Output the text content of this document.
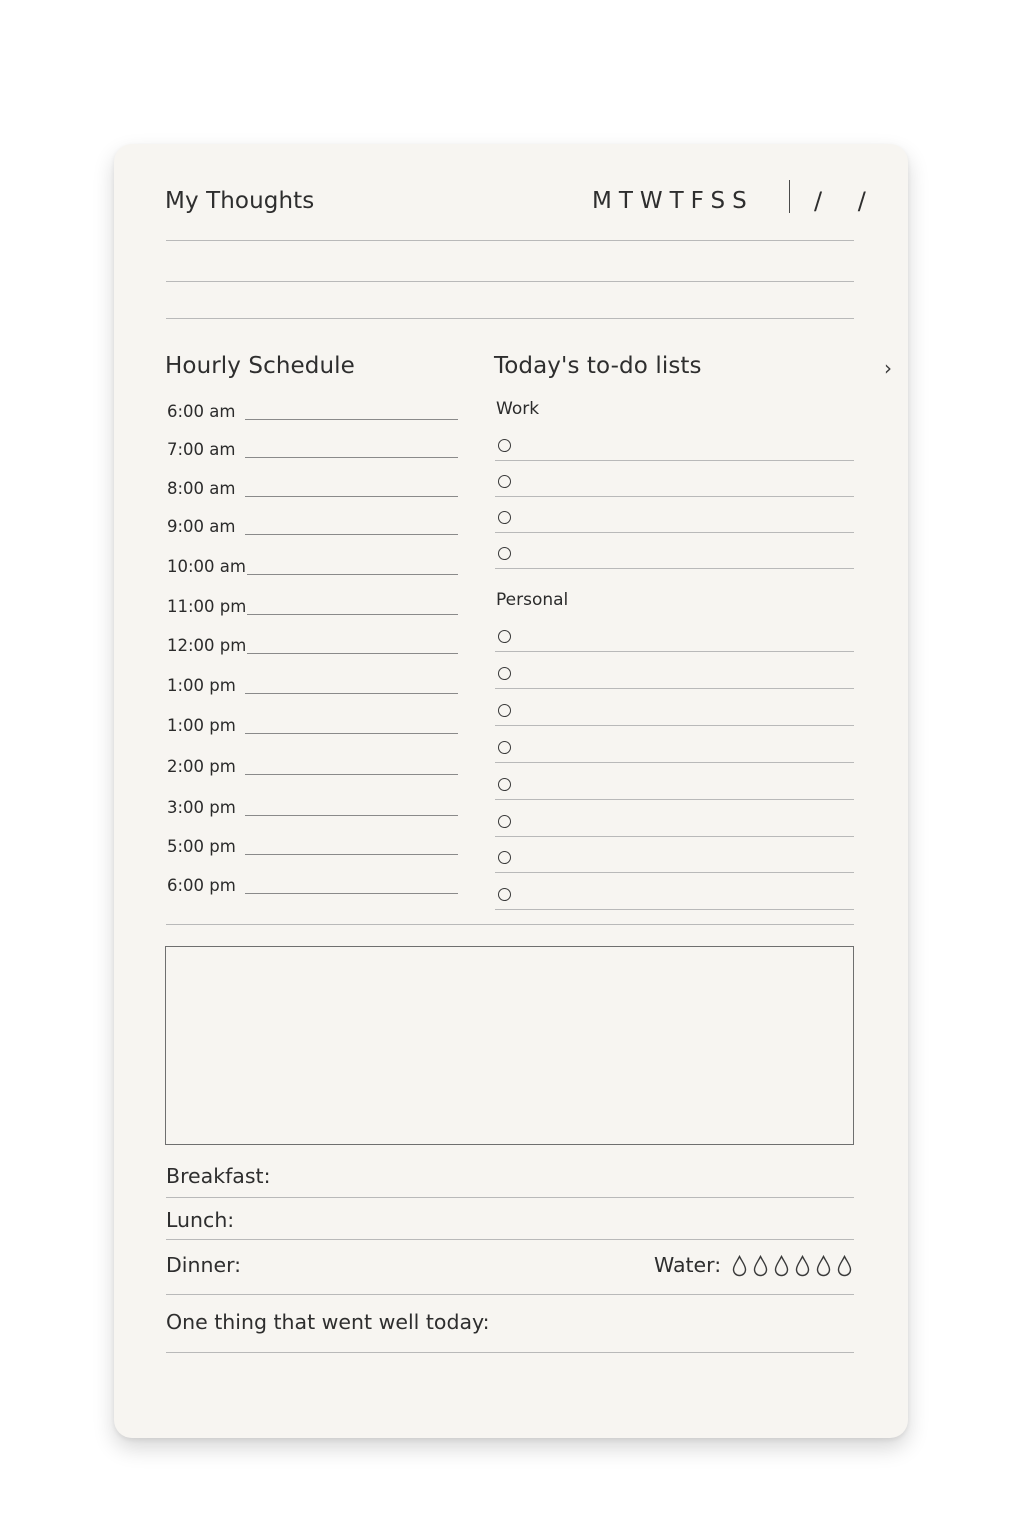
My Thoughts	MTWTFSS	/ /
Hourly Schedule	Today's to-do lists	›
6:00 am
7:00 am
8:00 am
9:00 am
10:00 am
11:00 pm
12:00 pm
1:00 pm
1:00 pm
2:00 pm
3:00 pm
5:00 pm
6:00 pm
Work
Personal
Breakfast:
Lunch:
Dinner:	Water:
One thing that went well today:
